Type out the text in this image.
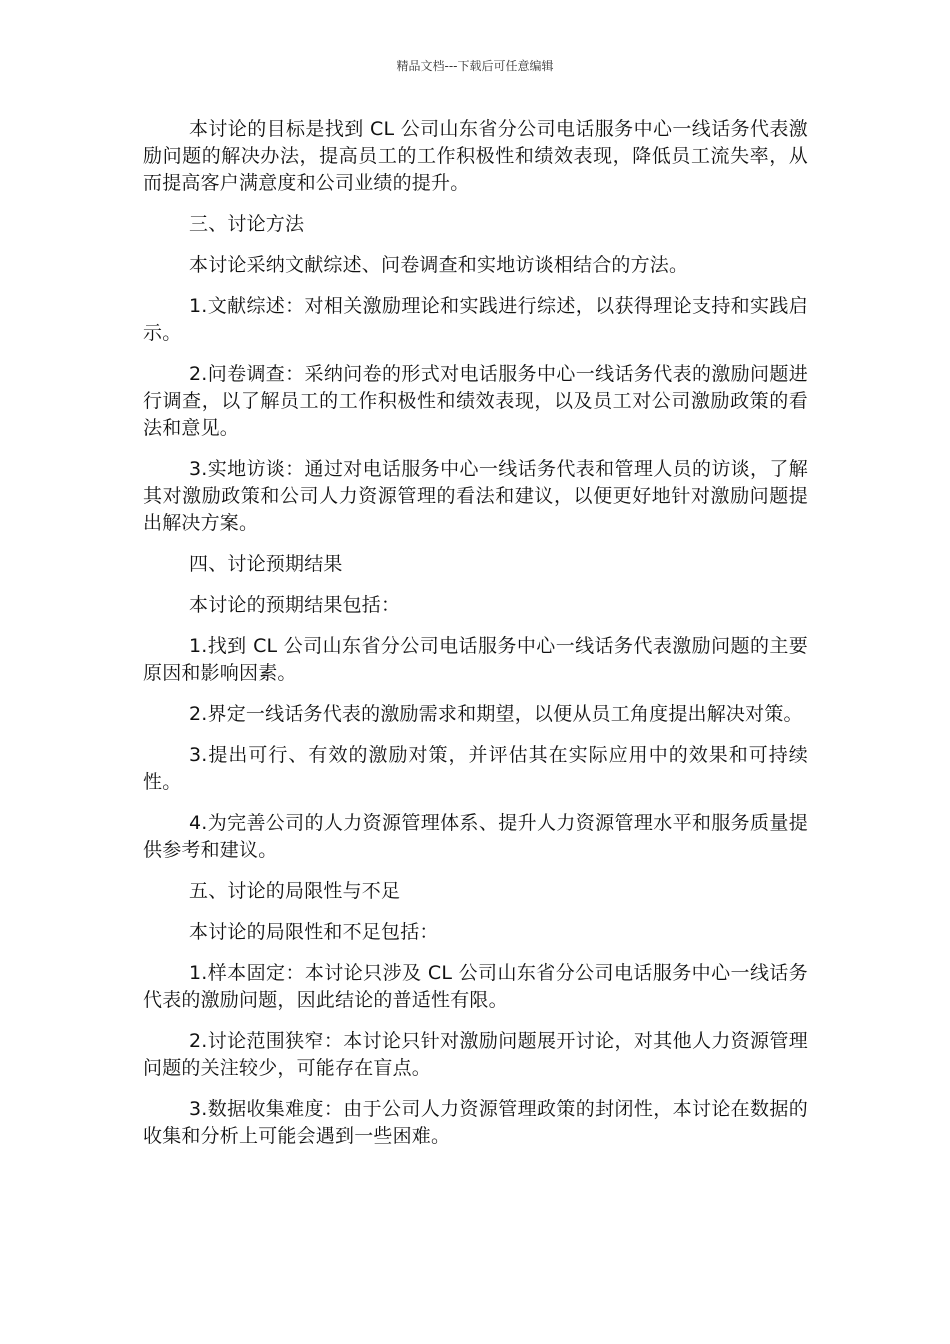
精品文档---下载后可任意编辑

本讨论的目标是找到 CL 公司山东省分公司电话服务中心一线话务代表激励问题的解决办法，提高员工的工作积极性和绩效表现，降低员工流失率，从而提高客户满意度和公司业绩的提升。

三、讨论方法

本讨论采纳文献综述、问卷调查和实地访谈相结合的方法。

1.文献综述：对相关激励理论和实践进行综述，以获得理论支持和实践启示。

2.问卷调查：采纳问卷的形式对电话服务中心一线话务代表的激励问题进行调查，以了解员工的工作积极性和绩效表现，以及员工对公司激励政策的看法和意见。

3.实地访谈：通过对电话服务中心一线话务代表和管理人员的访谈，了解其对激励政策和公司人力资源管理的看法和建议，以便更好地针对激励问题提出解决方案。

四、讨论预期结果

本讨论的预期结果包括：

1.找到 CL 公司山东省分公司电话服务中心一线话务代表激励问题的主要原因和影响因素。

2.界定一线话务代表的激励需求和期望，以便从员工角度提出解决对策。

3.提出可行、有效的激励对策，并评估其在实际应用中的效果和可持续性。

4.为完善公司的人力资源管理体系、提升人力资源管理水平和服务质量提供参考和建议。

五、讨论的局限性与不足

本讨论的局限性和不足包括：

1.样本固定：本讨论只涉及 CL 公司山东省分公司电话服务中心一线话务代表的激励问题，因此结论的普适性有限。

2.讨论范围狭窄：本讨论只针对激励问题展开讨论，对其他人力资源管理问题的关注较少，可能存在盲点。

3.数据收集难度：由于公司人力资源管理政策的封闭性，本讨论在数据的收集和分析上可能会遇到一些困难。
